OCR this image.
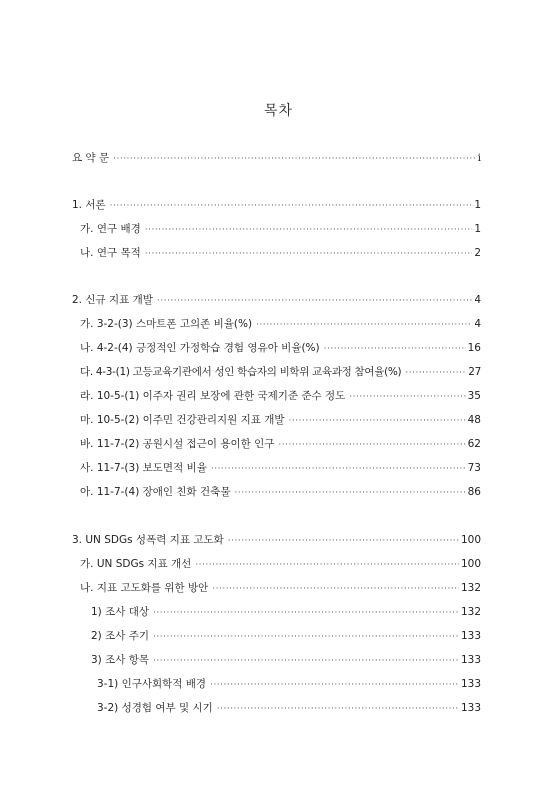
목차
요 약 문 ·····	i
1. 서론 ·····	1
가. 연구 배경 ·····	1
나. 연구 목적 ·····	2
2. 신규 지표 개발 ·····	4
가. 3-2-(3) 스마트폰 고의존 비율(%) ·····	4
나. 4-2-(4) 긍정적인 가정학습 경험 영유아 비율(%) ·····	16
다. 4-3-(1) 고등교육기관에서 성인 학습자의 비학위 교육과정 참여율(%) ·····	27
라. 10-5-(1) 이주자 권리 보장에 관한 국제기준 준수 정도 ·····	35
마. 10-5-(2) 이주민 건강관리지원 지표 개발 ·····	48
바. 11-7-(2) 공원시설 접근이 용이한 인구 ·····	62
사. 11-7-(3) 보도면적 비율 ·····	73
아. 11-7-(4) 장애인 친화 건축물 ·····	86
3. UN SDGs 성폭력 지표 고도화 ·····	100
가. UN SDGs 지표 개선 ·····	100
나. 지표 고도화를 위한 방안 ·····	132
1) 조사 대상 ·····	132
2) 조사 주기 ·····	133
3) 조사 항목 ·····	133
3-1) 인구사회학적 배경 ·····	133
3-2) 성경험 여부 및 시기 ·····	133
